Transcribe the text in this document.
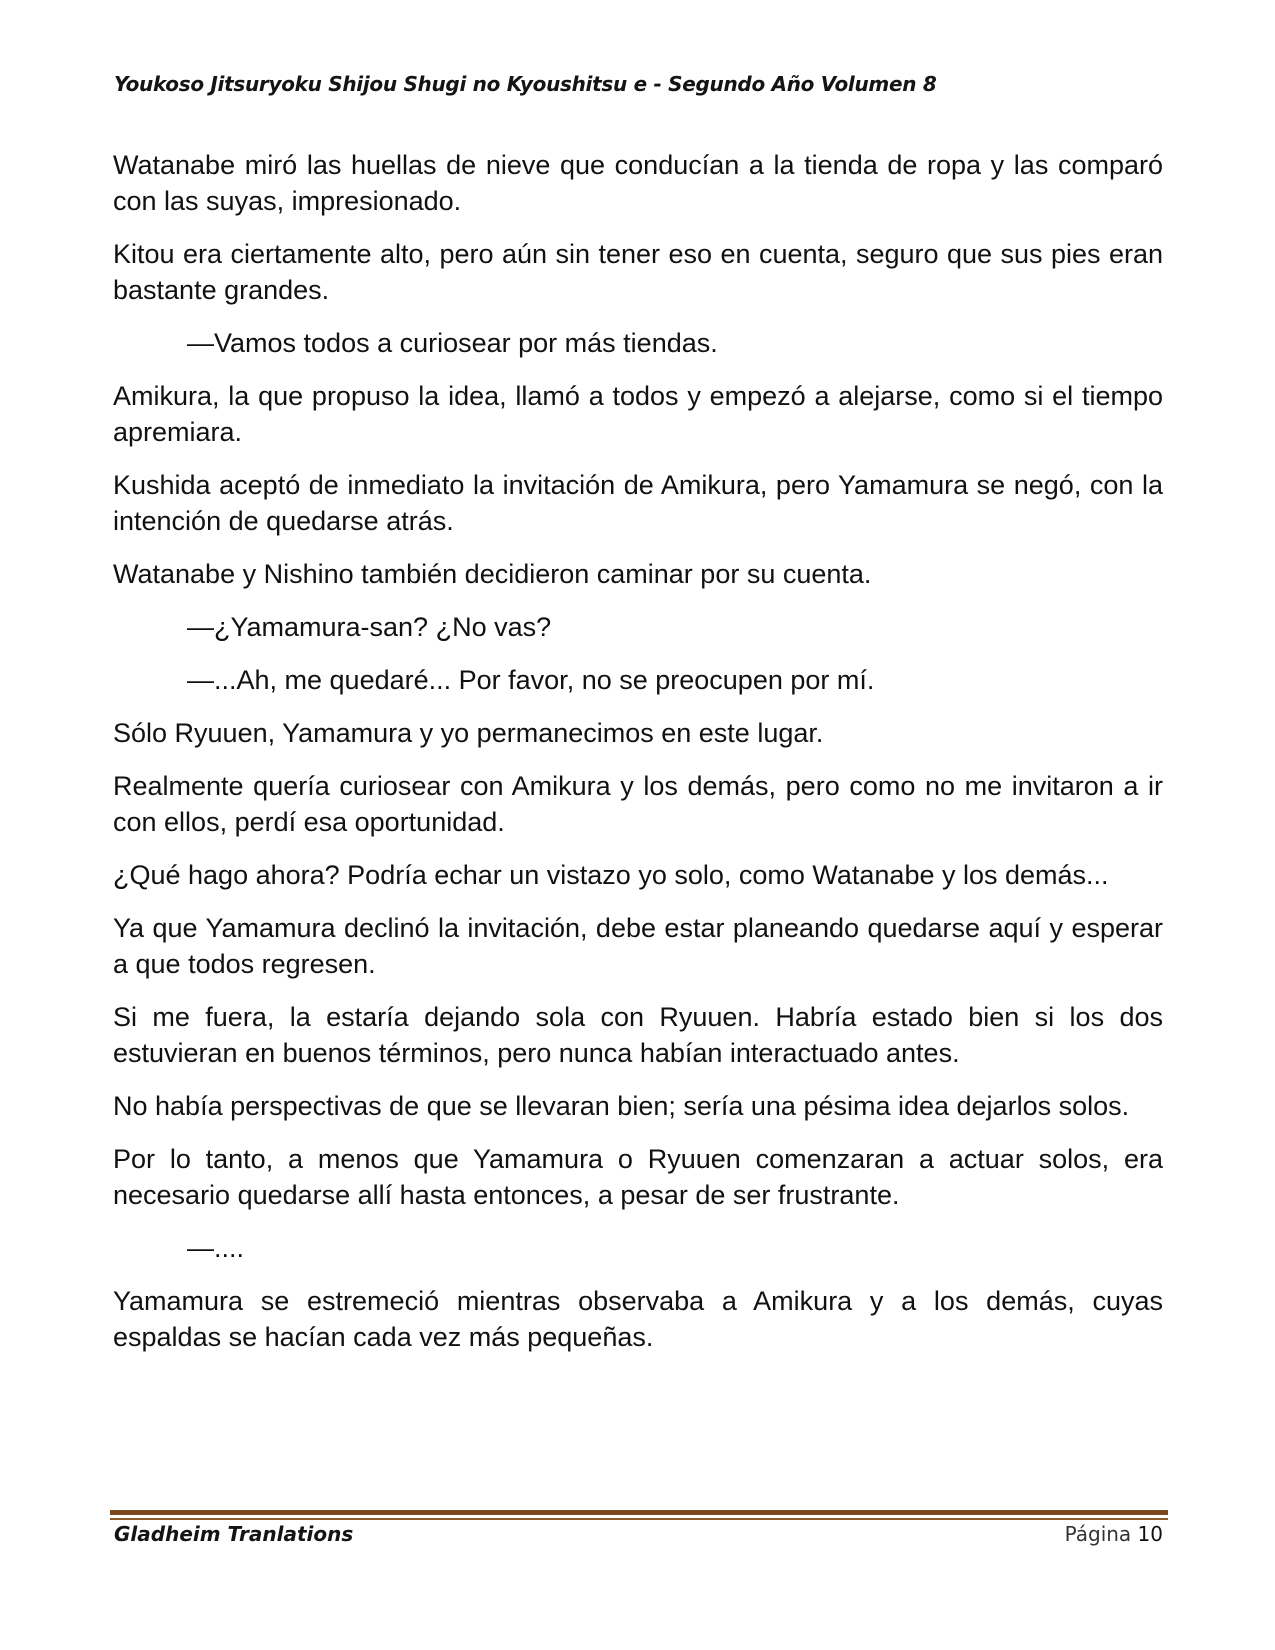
Youkoso Jitsuryoku Shijou Shugi no Kyoushitsu e - Segundo Año Volumen 8

Watanabe miró las huellas de nieve que conducían a la tienda de ropa y las comparó con las suyas, impresionado.

Kitou era ciertamente alto, pero aún sin tener eso en cuenta, seguro que sus pies eran bastante grandes.

—Vamos todos a curiosear por más tiendas.

Amikura, la que propuso la idea, llamó a todos y empezó a alejarse, como si el tiempo apremiara.

Kushida aceptó de inmediato la invitación de Amikura, pero Yamamura se negó, con la intención de quedarse atrás.

Watanabe y Nishino también decidieron caminar por su cuenta.

—¿Yamamura-san? ¿No vas?

—...Ah, me quedaré... Por favor, no se preocupen por mí.

Sólo Ryuuen, Yamamura y yo permanecimos en este lugar.

Realmente quería curiosear con Amikura y los demás, pero como no me invitaron a ir con ellos, perdí esa oportunidad.

¿Qué hago ahora? Podría echar un vistazo yo solo, como Watanabe y los demás...

Ya que Yamamura declinó la invitación, debe estar planeando quedarse aquí y esperar a que todos regresen.

Si me fuera, la estaría dejando sola con Ryuuen. Habría estado bien si los dos estuvieran en buenos términos, pero nunca habían interactuado antes.

No había perspectivas de que se llevaran bien; sería una pésima idea dejarlos solos.

Por lo tanto, a menos que Yamamura o Ryuuen comenzaran a actuar solos, era necesario quedarse allí hasta entonces, a pesar de ser frustrante.

—....

Yamamura se estremeció mientras observaba a Amikura y a los demás, cuyas espaldas se hacían cada vez más pequeñas.

Gladheim Tranlations	Página 10
